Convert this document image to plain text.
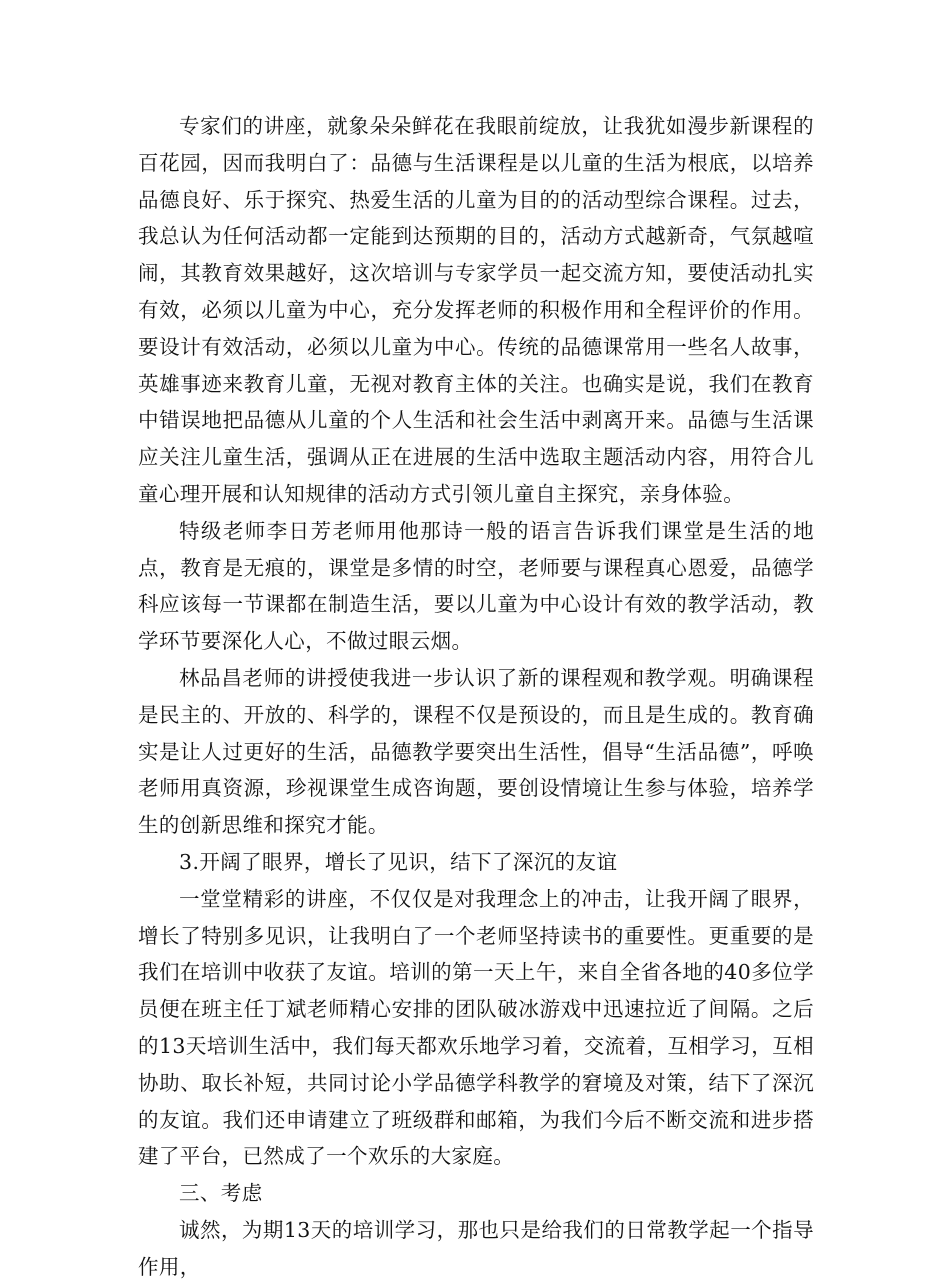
专家们的讲座，就象朵朵鲜花在我眼前绽放，让我犹如漫步新课程的百花园，因而我明白了：品德与生活课程是以儿童的生活为根底，以培养品德良好、乐于探究、热爱生活的儿童为目的的活动型综合课程。过去，我总认为任何活动都一定能到达预期的目的，活动方式越新奇，气氛越喧闹，其教育效果越好，这次培训与专家学员一起交流方知，要使活动扎实有效，必须以儿童为中心，充分发挥老师的积极作用和全程评价的作用。要设计有效活动，必须以儿童为中心。传统的品德课常用一些名人故事，英雄事迹来教育儿童，无视对教育主体的关注。也确实是说，我们在教育中错误地把品德从儿童的个人生活和社会生活中剥离开来。品德与生活课应关注儿童生活，强调从正在进展的生活中选取主题活动内容，用符合儿童心理开展和认知规律的活动方式引领儿童自主探究，亲身体验。

特级老师李日芳老师用他那诗一般的语言告诉我们课堂是生活的地点，教育是无痕的，课堂是多情的时空，老师要与课程真心恩爱，品德学科应该每一节课都在制造生活，要以儿童为中心设计有效的教学活动，教学环节要深化人心，不做过眼云烟。

林品昌老师的讲授使我进一步认识了新的课程观和教学观。明确课程是民主的、开放的、科学的，课程不仅是预设的，而且是生成的。教育确实是让人过更好的生活，品德教学要突出生活性，倡导“生活品德”，呼唤老师用真资源，珍视课堂生成咨询题，要创设情境让生参与体验，培养学生的创新思维和探究才能。

3.开阔了眼界，增长了见识，结下了深沉的友谊

一堂堂精彩的讲座，不仅仅是对我理念上的冲击，让我开阔了眼界，增长了特别多见识，让我明白了一个老师坚持读书的重要性。更重要的是我们在培训中收获了友谊。培训的第一天上午，来自全省各地的40多位学员便在班主任丁斌老师精心安排的团队破冰游戏中迅速拉近了间隔。之后的13天培训生活中，我们每天都欢乐地学习着，交流着，互相学习，互相协助、取长补短，共同讨论小学品德学科教学的窘境及对策，结下了深沉的友谊。我们还申请建立了班级群和邮箱，为我们今后不断交流和进步搭建了平台，已然成了一个欢乐的大家庭。

三、考虑

诚然，为期13天的培训学习，那也只是给我们的日常教学起一个指导作用，
